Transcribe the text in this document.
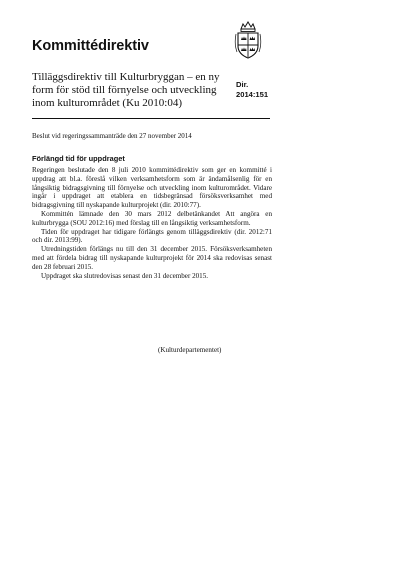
Kommittédirektiv
Tilläggsdirektiv till Kulturbryggan – en ny form för stöd till förnyelse och utveckling inom kulturområdet (Ku 2010:04)
Dir.
2014:151
Beslut vid regeringssammanträde den 27 november 2014
Förlängd tid för uppdraget

Regeringen beslutade den 8 juli 2010 kommittédirektiv som ger en kommitté i uppdrag att bl.a. föreslå vilken verksamhetsform som är ändamålsenlig för en långsiktig bidragsgivning till förnyelse och utveckling inom kulturområdet. Vidare ingår i uppdraget att etablera en tidsbegränsad försöksverksamhet med bidragsgivning till nyskapande kulturprojekt (dir. 2010:77).

Kommittén lämnade den 30 mars 2012 delbetänkandet Att angöra en kulturbrygga (SOU 2012:16) med förslag till en långsiktig verksamhetsform.

Tiden för uppdraget har tidigare förlängts genom tilläggsdirektiv (dir. 2012:71 och dir. 2013:99).

Utredningstiden förlängs nu till den 31 december 2015. Försöksverksamheten med att fördela bidrag till nyskapande kulturprojekt för 2014 ska redovisas senast den 28 februari 2015.

Uppdraget ska slutredovisas senast den 31 december 2015.

(Kulturdepartementet)
